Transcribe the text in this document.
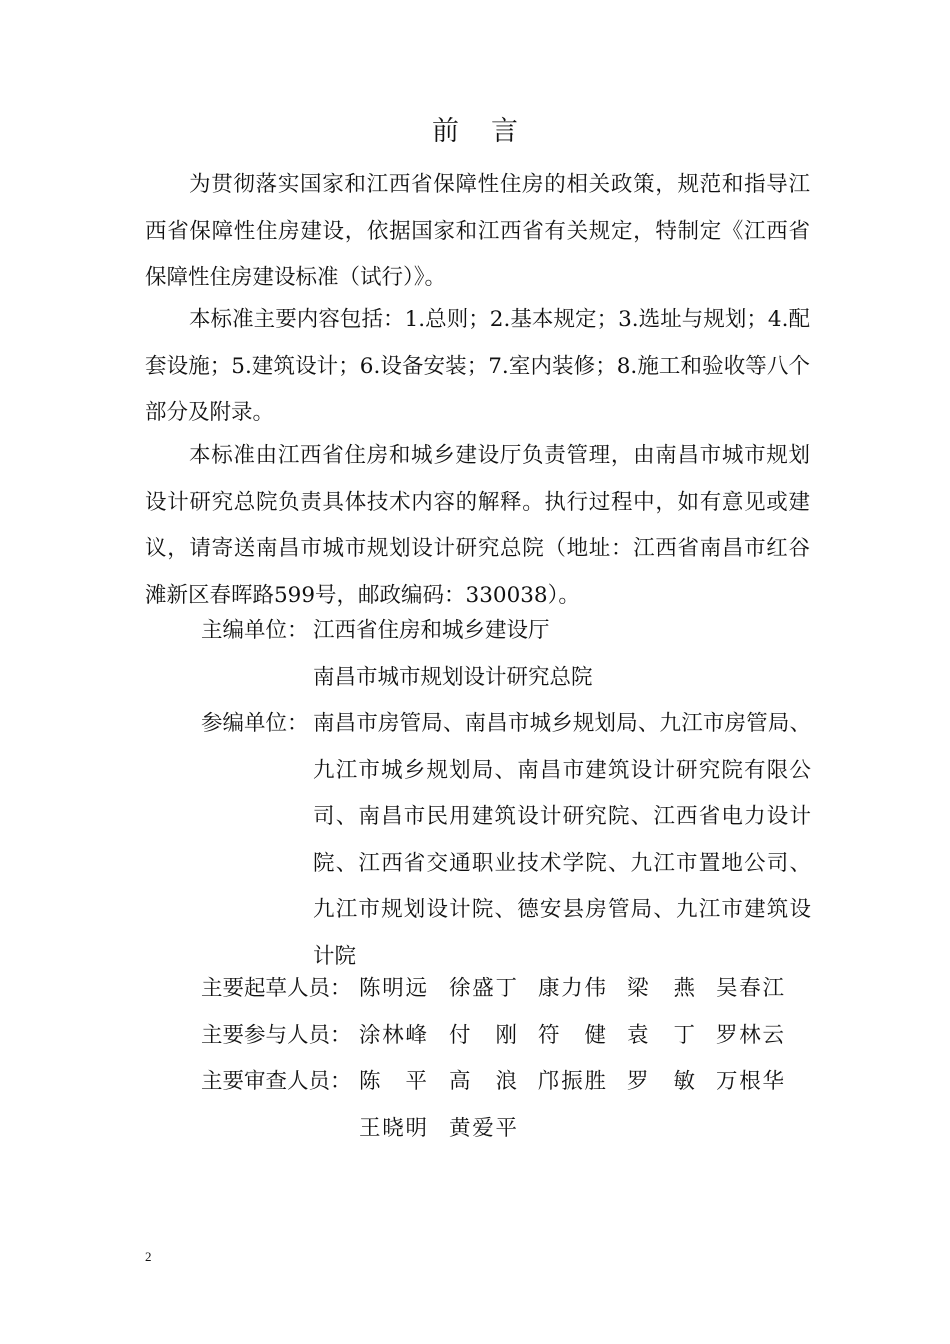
前言

为贯彻落实国家和江西省保障性住房的相关政策，规范和指导江西省保障性住房建设，依据国家和江西省有关规定，特制定《江西省保障性住房建设标准（试行）》。

本标准主要内容包括：1.总则；2.基本规定；3.选址与规划；4.配套设施；5.建筑设计；6.设备安装；7.室内装修；8.施工和验收等八个部分及附录。

本标准由江西省住房和城乡建设厅负责管理，由南昌市城市规划设计研究总院负责具体技术内容的解释。执行过程中，如有意见或建议，请寄送南昌市城市规划设计研究总院（地址：江西省南昌市红谷滩新区春晖路599号，邮政编码：330038）。

主编单位： 江西省住房和城乡建设厅
南昌市城市规划设计研究总院
参编单位： 南昌市房管局、南昌市城乡规划局、九江市房管局、
九江市城乡规划局、南昌市建筑设计研究院有限公
司、南昌市民用建筑设计研究院、江西省电力设计
院、江西省交通职业技术学院、九江市置地公司、
九江市规划设计院、德安县房管局、九江市建筑设
计院
主要起草人员： 陈 明 远 徐 盛 丁 康 力 伟 梁 燕 吴 春 江
主要参与人员： 涂 林 峰 付 刚 符 健 袁 丁 罗 林 云
主要审查人员： 陈 平 高 浪 邝 振 胜 罗 敏 万 根 华
王 晓 明 黄 爱 平
2
